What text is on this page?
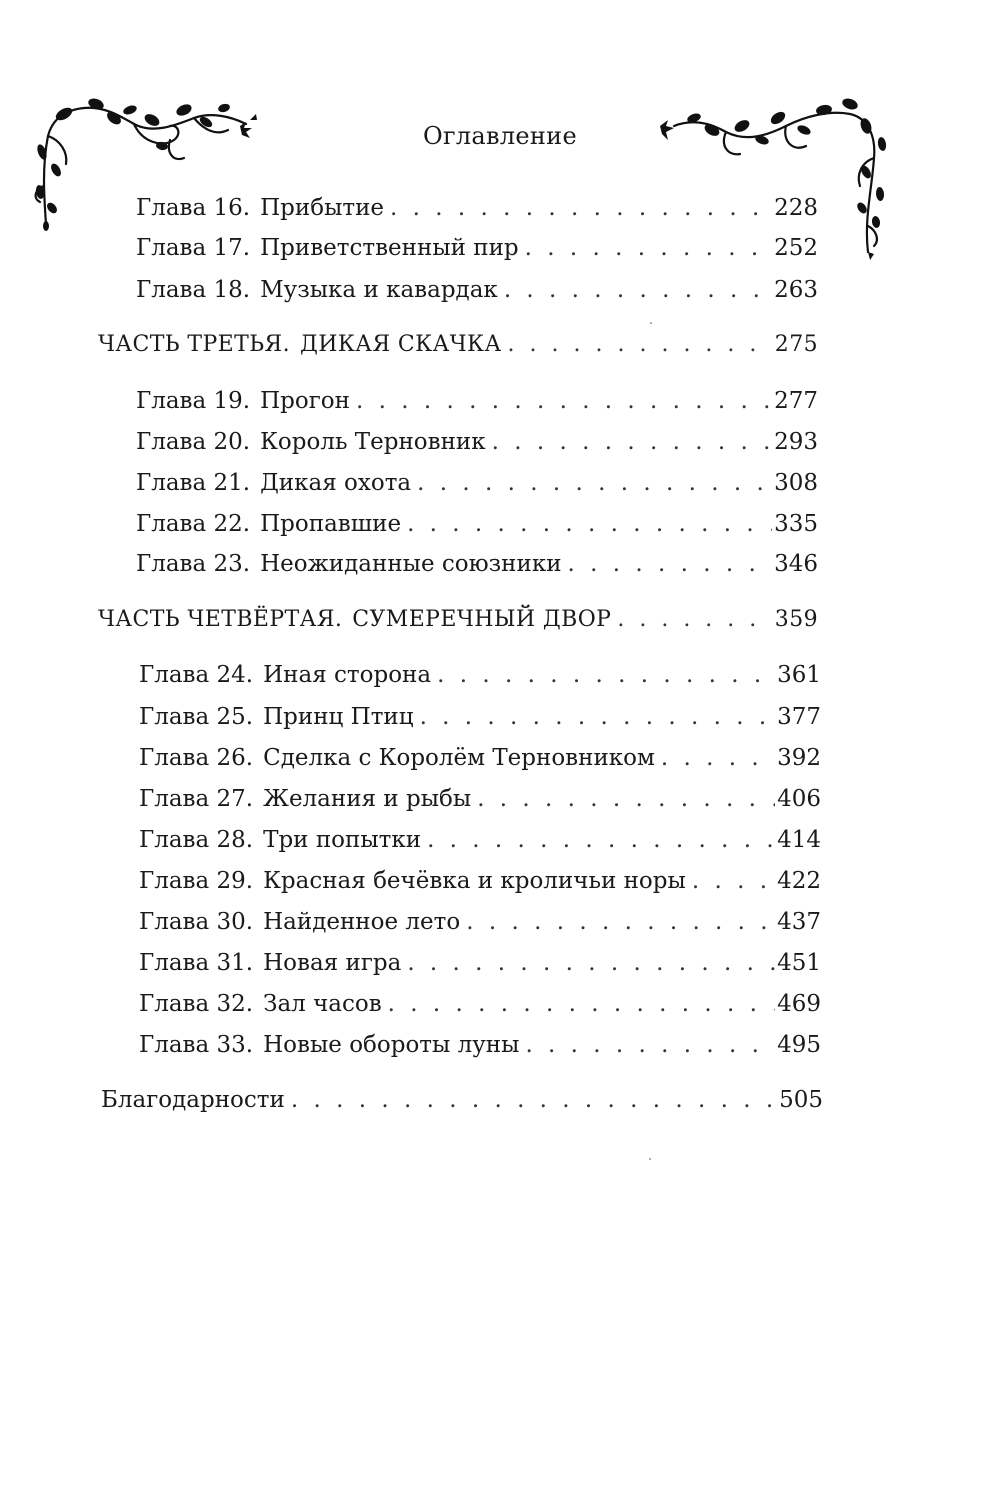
Оглавление
Глава 16. Прибытие . . .	228
Глава 17. Приветственный пир . . .	252
Глава 18. Музыка и кавардак . . .	263
ЧАСТЬ ТРЕТЬЯ. ДИКАЯ СКАЧКА . . .	275
Глава 19. Прогон . . .	277
Глава 20. Король Терновник . . .	293
Глава 21. Дикая охота . . .	308
Глава 22. Пропавшие . . .	335
Глава 23. Неожиданные союзники . . .	346
ЧАСТЬ ЧЕТВЁРТАЯ. СУМЕРЕЧНЫЙ ДВОР . . .	359
Глава 24. Иная сторона . . .	361
Глава 25. Принц Птиц . . .	377
Глава 26. Сделка с Королём Терновником . . .	392
Глава 27. Желания и рыбы . . .	406
Глава 28. Три попытки . . .	414
Глава 29. Красная бечёвка и кроличьи норы . . .	422
Глава 30. Найденное лето . . .	437
Глава 31. Новая игра . . .	451
Глава 32. Зал часов . . .	469
Глава 33. Новые обороты луны . . .	495
Благодарности . . .	505
